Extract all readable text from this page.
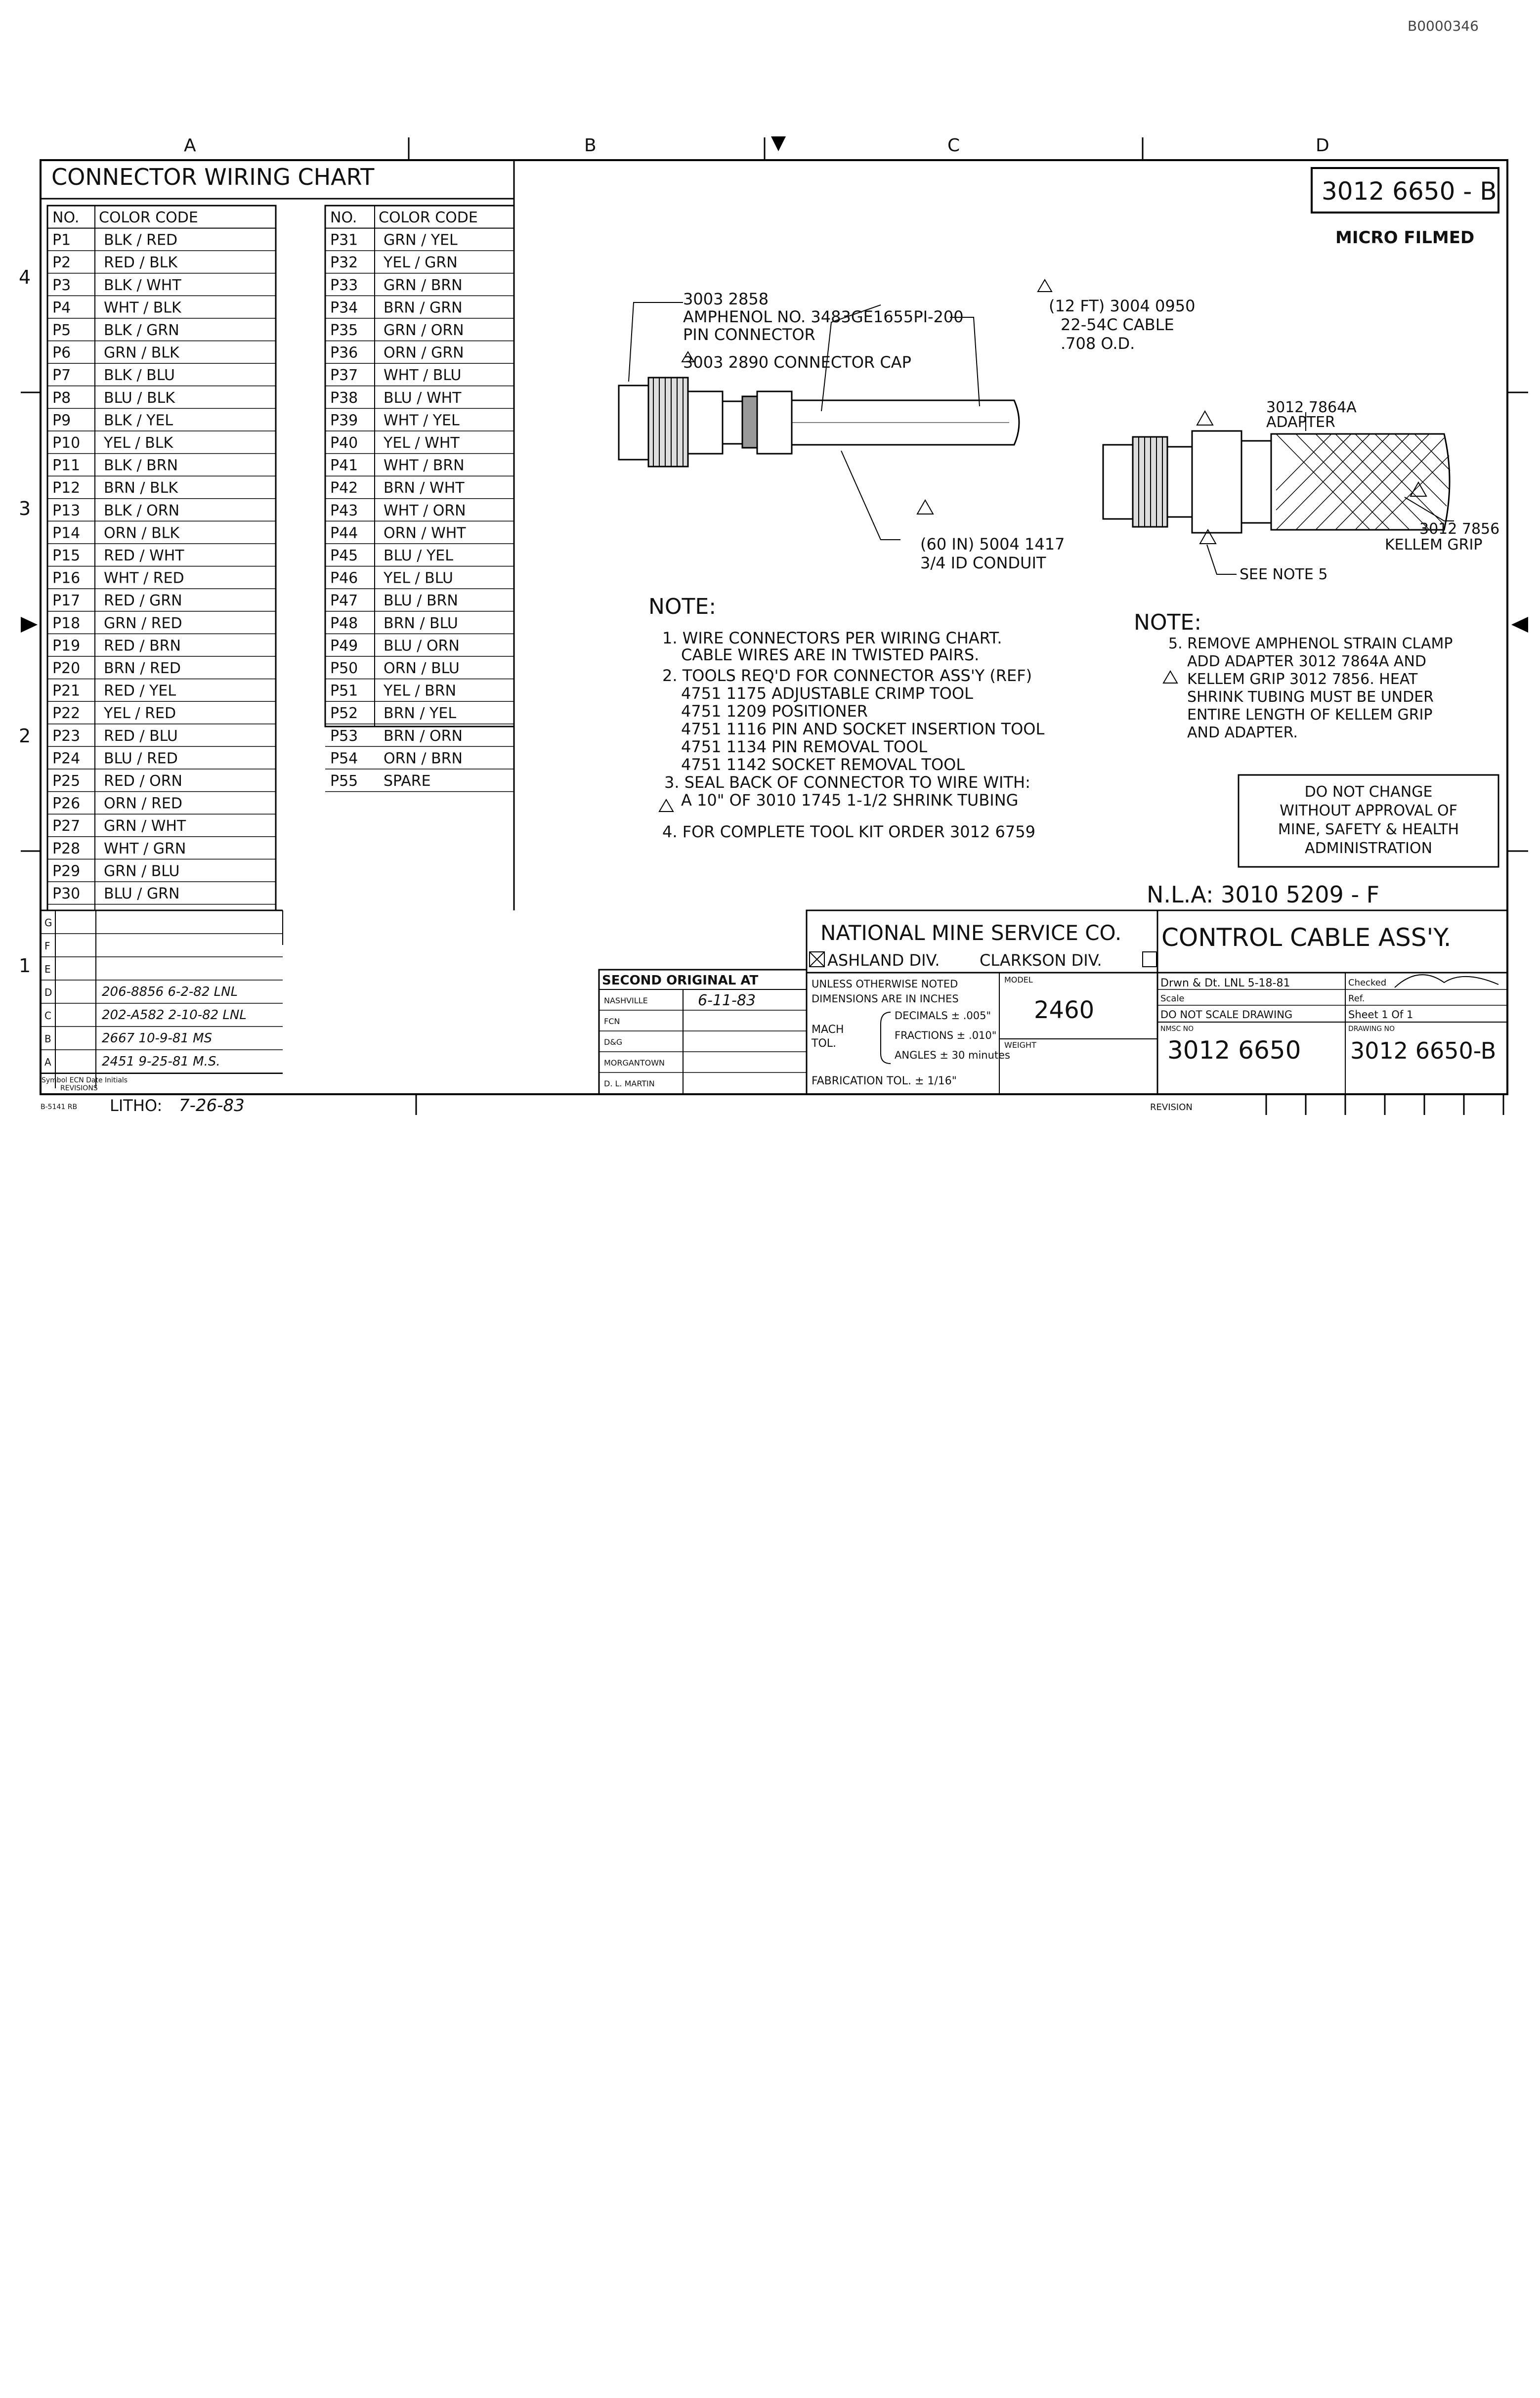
B0000346
A	B	C	D
4
3
2
1
CONNECTOR WIRING CHART
NO. COLOR CODE
P1 BLK / RED
P2 RED / BLK
P3 BLK / WHT
P4 WHT / BLK
P5 BLK / GRN
P6 GRN / BLK
P7 BLK / BLU
P8 BLU / BLK
P9 BLK / YEL
P10 YEL / BLK
P11 BLK / BRN
P12 BRN / BLK
P13 BLK / ORN
P14 ORN / BLK
P15 RED / WHT
P16 WHT / RED
P17 RED / GRN
P18 GRN / RED
P19 RED / BRN
P20 BRN / RED
P21 RED / YEL
P22 YEL / RED
P23 RED / BLU
P24 BLU / RED
P25 RED / ORN
P26 ORN / RED
P27 GRN / WHT
P28 WHT / GRN
P29 GRN / BLU
P30 BLU / GRN
NO. COLOR CODE
P31 GRN / YEL
P32 YEL / GRN
P33 GRN / BRN
P34 BRN / GRN
P35 GRN / ORN
P36 ORN / GRN
P37 WHT / BLU
P38 BLU / WHT
P39 WHT / YEL
P40 YEL / WHT
P41 WHT / BRN
P42 BRN / WHT
P43 WHT / ORN
P44 ORN / WHT
P45 BLU / YEL
P46 YEL / BLU
P47 BLU / BRN
P48 BRN / BLU
P49 BLU / ORN
P50 ORN / BLU
P51 YEL / BRN
P52 BRN / YEL
P53 BRN / ORN
P54 ORN / BRN
P55 SPARE
3012 6650 - B
MICRO FILMED
3003 2858
AMPHENOL NO. 3483GE1655PI-200
PIN CONNECTOR
3003 2890 CONNECTOR CAP
(12 FT) 3004 0950
22-54C CABLE
.708 O.D.
(60 IN) 5004 1417
3/4 ID CONDUIT
3012 7864A
ADAPTER
3012 7856
KELLEM GRIP
SEE NOTE 5
NOTE:
1. WIRE CONNECTORS PER WIRING CHART.
CABLE WIRES ARE IN TWISTED PAIRS.
2. TOOLS REQ'D FOR CONNECTOR ASS'Y (REF)
4751 1175 ADJUSTABLE CRIMP TOOL
4751 1209 POSITIONER
4751 1116 PIN AND SOCKET INSERTION TOOL
4751 1134 PIN REMOVAL TOOL
4751 1142 SOCKET REMOVAL TOOL
3. SEAL BACK OF CONNECTOR TO WIRE WITH:
A 10" OF 3010 1745 1-1/2 SHRINK TUBING
4. FOR COMPLETE TOOL KIT ORDER 3012 6759
NOTE:
5. REMOVE AMPHENOL STRAIN CLAMP
ADD ADAPTER 3012 7864A AND
KELLEM GRIP 3012 7856. HEAT
SHRINK TUBING MUST BE UNDER
ENTIRE LENGTH OF KELLEM GRIP
AND ADAPTER.
DO NOT CHANGE
WITHOUT APPROVAL OF
MINE, SAFETY & HEALTH
ADMINISTRATION
N.L.A: 3010 5209 - F
G
F
E
D	206-8856 6-2-82 LNL
C	202-A582 2-10-82 LNL
B	2667 10-9-81 MS
A	2451 9-25-81 M.S.
Symbol ECN Date Initials
REVISIONS
B-5141 RB LITHO: 7-26-83
SECOND ORIGINAL AT
NASHVILLE
FCN
D&G
MORGANTOWN
D. L. MARTIN
6-11-83
NATIONAL MINE SERVICE CO.
ASHLAND DIV.	CLARKSON DIV.
UNLESS OTHERWISE NOTED
DIMENSIONS ARE IN INCHES
MACH
TOL.
DECIMALS ± .005"
FRACTIONS ± .010"
ANGLES ± 30 minutes
FABRICATION TOL. ± 1/16"
MODEL
2460
WEIGHT
CONTROL CABLE ASS'Y.
Drwn & Dt. LNL 5-18-81	Checked
Scale	Ref.
DO NOT SCALE DRAWING	Sheet 1 Of 1
NMSC NO
3012 6650
DRAWING NO
3012 6650-B
REVISION
